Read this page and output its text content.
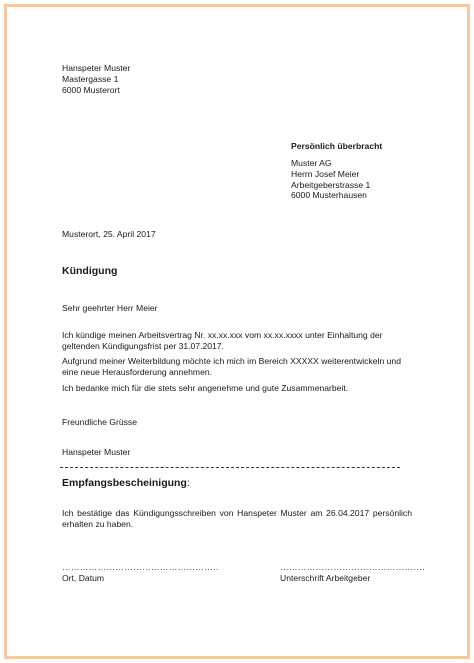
Hanspeter Muster
Mastergasse 1
6000 Musterort
Persönlich überbracht
Muster AG
Herrn Josef Meier
Arbeitgeberstrasse 1
6000 Musterhausen
Musterort, 25. April 2017
Kündigung
Sehr geehrter Herr Meier
Ich kündige meinen Arbeitsvertrag Nr. xx.xx.xxx vom xx.xx.xxxx unter Einhaltung der geltenden Kündigungsfrist per 31.07.2017.
Aufgrund meiner Weiterbildung möchte ich mich im Bereich XXXXX weiterentwickeln und eine neue Herausforderung annehmen.
Ich bedanke mich für die stets sehr angenehme und gute Zusammenarbeit.
Freundliche Grüsse
Hanspeter Muster
Empfangsbescheinigung:
Ich bestätige das Kündigungsschreiben von Hanspeter Muster am 26.04.2017 persönlich erhalten zu haben.
……………………………………………..	………………………………………….
Ort, Datum	Unterschrift Arbeitgeber
